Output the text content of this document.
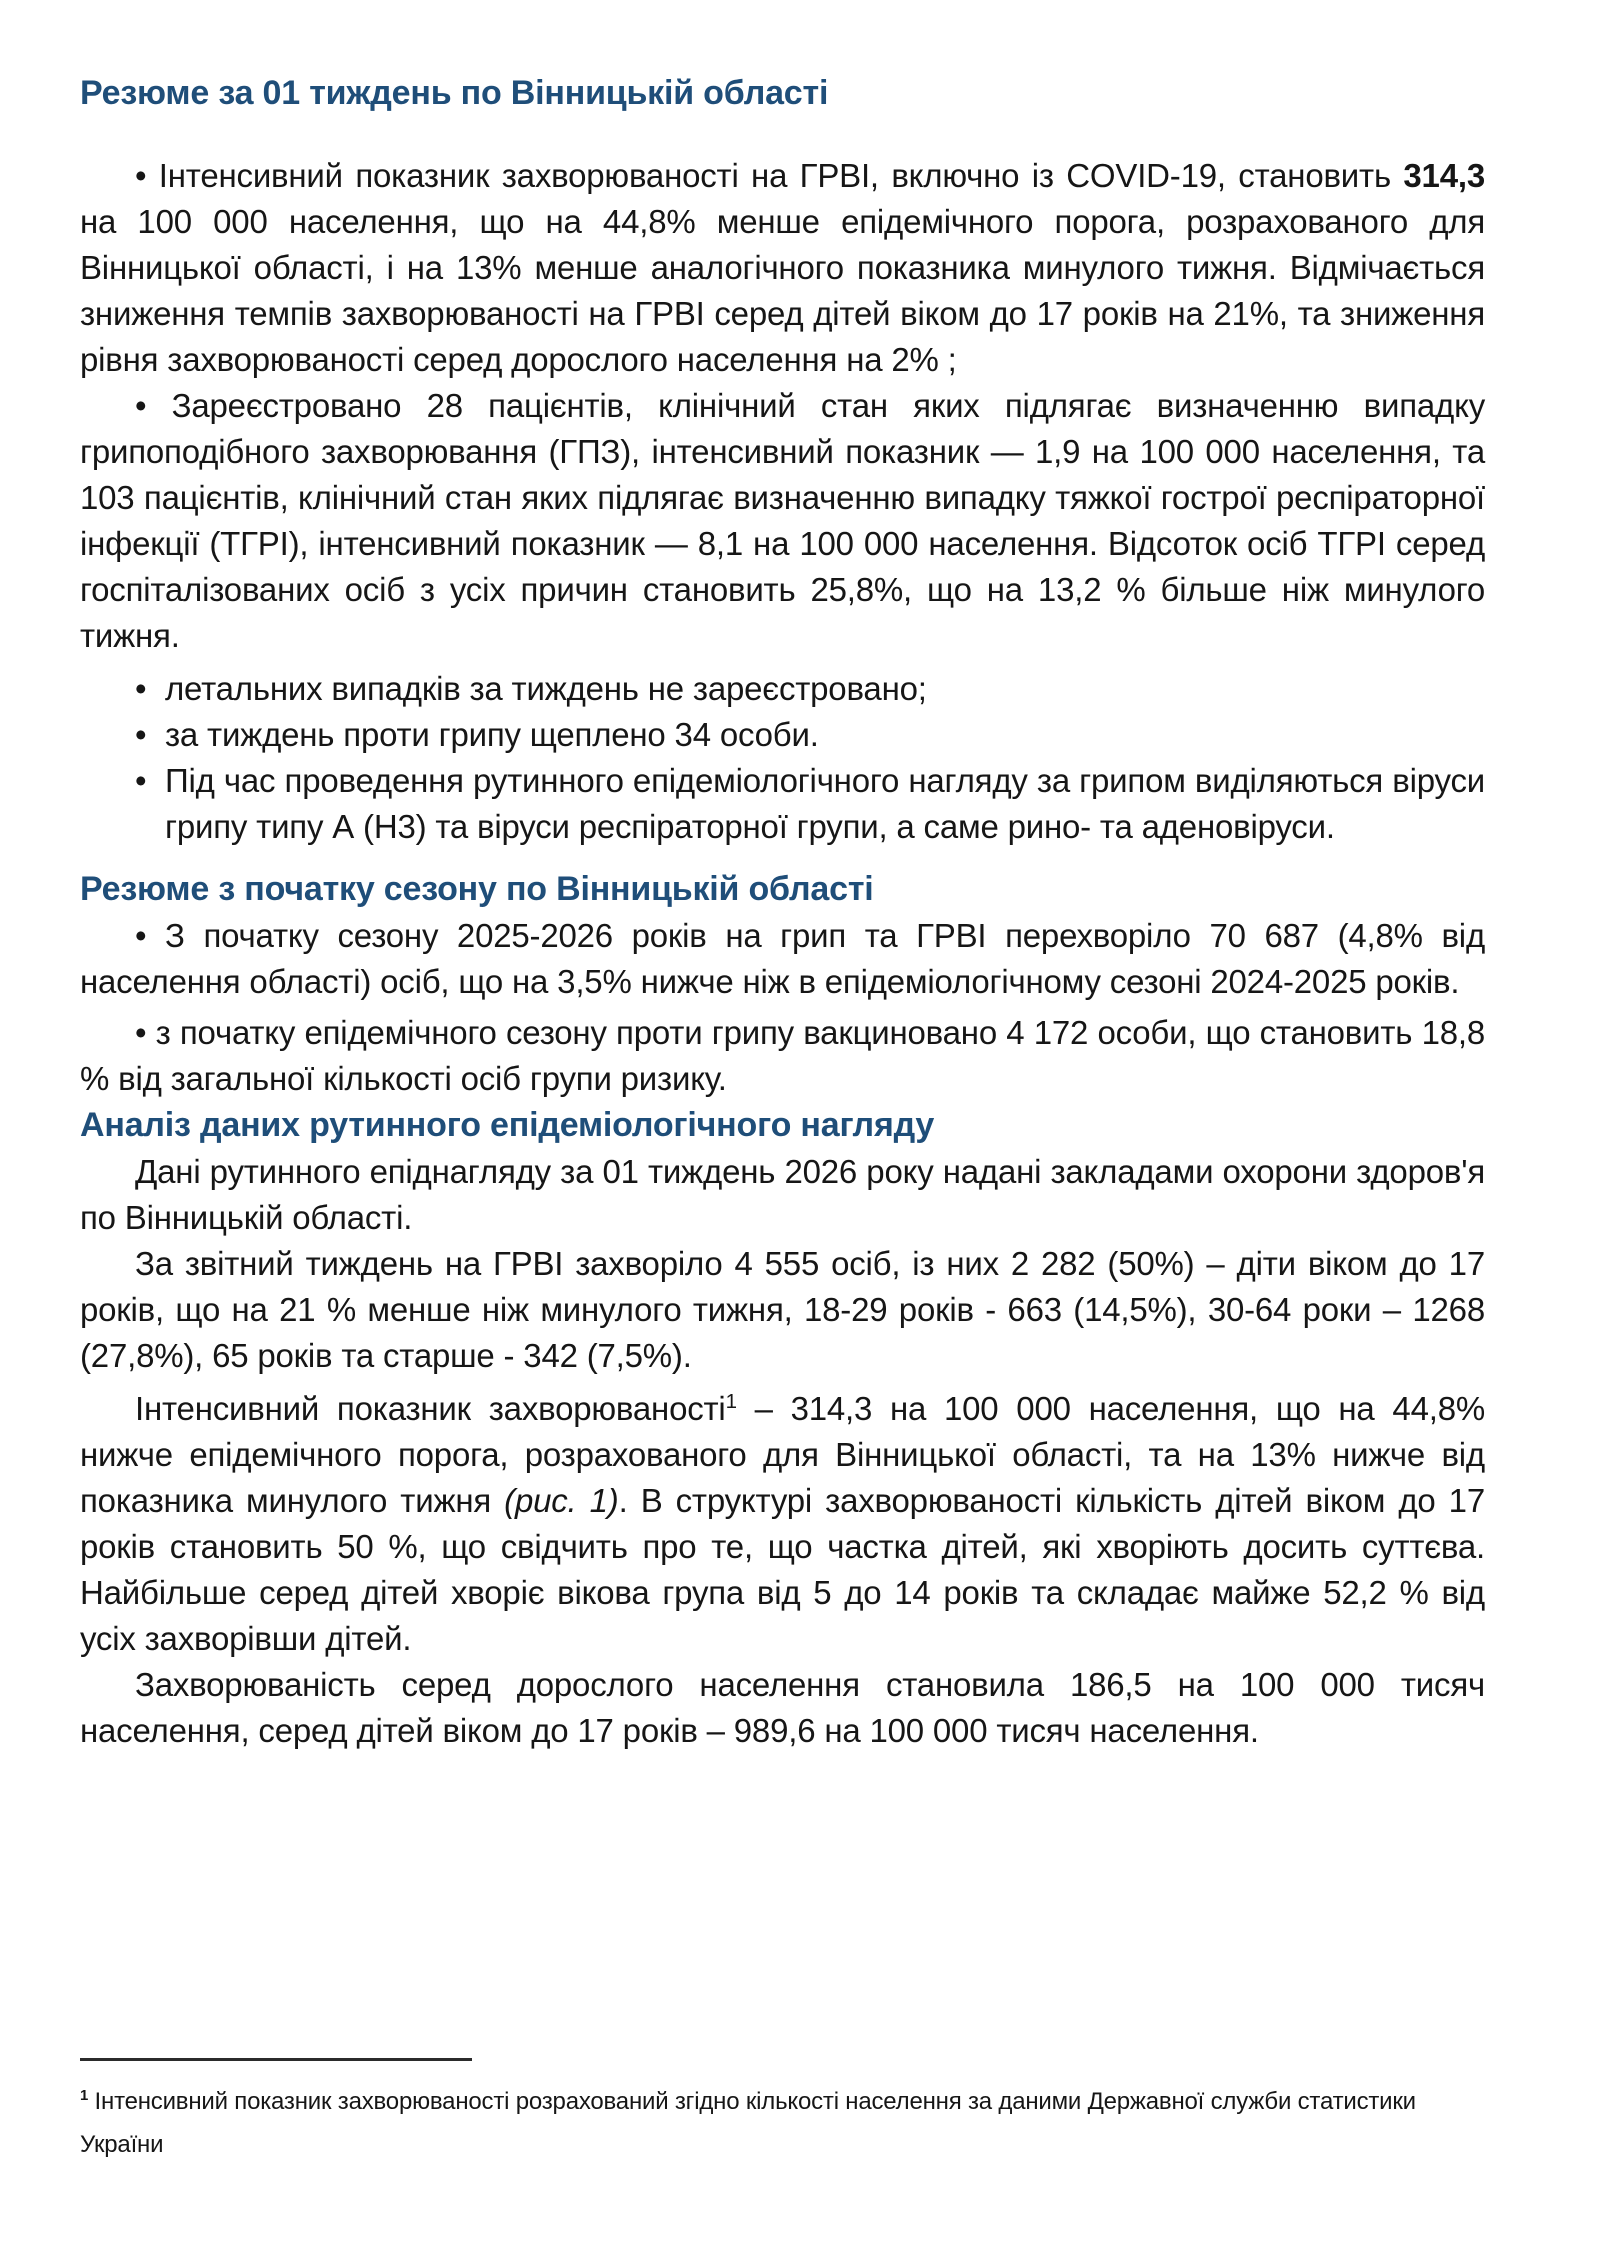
Резюме за 01 тиждень по Вінницькій області

• Інтенсивний показник захворюваності на ГРВІ, включно із COVID-19, становить 314,3 на 100 000 населення, що на 44,8% менше епідемічного порога, розрахованого для Вінницької області, і на 13% менше аналогічного показника минулого тижня. Відмічається зниження темпів захворюваності на ГРВІ серед дітей віком до 17 років на 21%, та зниження рівня захворюваності серед дорослого населення на 2% ;

• Зареєстровано 28 пацієнтів, клінічний стан яких підлягає визначенню випадку грипоподібного захворювання (ГПЗ), інтенсивний показник — 1,9 на 100 000 населення, та 103 пацієнтів, клінічний стан яких підлягає визначенню випадку тяжкої гострої респіраторної інфекції (ТГРІ), інтенсивний показник — 8,1 на 100 000 населення. Відсоток осіб ТГРІ серед госпіталізованих осіб з усіх причин становить 25,8%, що на 13,2 % більше ніж минулого тижня.

• летальних випадків за тиждень не зареєстровано;
• за тиждень проти грипу щеплено 34 особи.
• Під час проведення рутинного епідеміологічного нагляду за грипом виділяються віруси грипу типу А (Н3) та віруси респіраторної групи, а саме рино- та аденовіруси.
Резюме з початку сезону по Вінницькій області

• З початку сезону 2025-2026 років на грип та ГРВІ перехворіло 70 687 (4,8% від населення області) осіб, що на 3,5% нижче ніж в епідеміологічному сезоні 2024-2025 років.

• з початку епідемічного сезону проти грипу вакциновано 4 172 особи, що становить 18,8 % від загальної кількості осіб групи ризику.

Аналіз даних рутинного епідеміологічного нагляду

Дані рутинного епіднагляду за 01 тиждень 2026 року надані закладами охорони здоров'я по Вінницькій області.

За звітний тиждень на ГРВІ захворіло 4 555 осіб, із них 2 282 (50%) – діти віком до 17 років, що на 21 % менше ніж минулого тижня, 18-29 років - 663 (14,5%), 30-64 роки – 1268 (27,8%), 65 років та старше - 342 (7,5%).

Інтенсивний показник захворюваності$^1$ – 314,3 на 100 000 населення, що на 44,8% нижче епідемічного порога, розрахованого для Вінницької області, та на 13% нижче від показника минулого тижня (рис. 1). В структурі захворюваності кількість дітей віком до 17 років становить 50 %, що свідчить про те, що частка дітей, які хворіють досить суттєва. Найбільше серед дітей хворіє вікова група від 5 до 14 років та складає майже 52,2 % від усіх захворівши дітей.

Захворюваність серед дорослого населення становила 186,5 на 100 000 тисяч населення, серед дітей віком до 17 років – 989,6 на 100 000 тисяч населення.

$^1$ Інтенсивний показник захворюваності розрахований згідно кількості населення за даними Державної служби статистики України
